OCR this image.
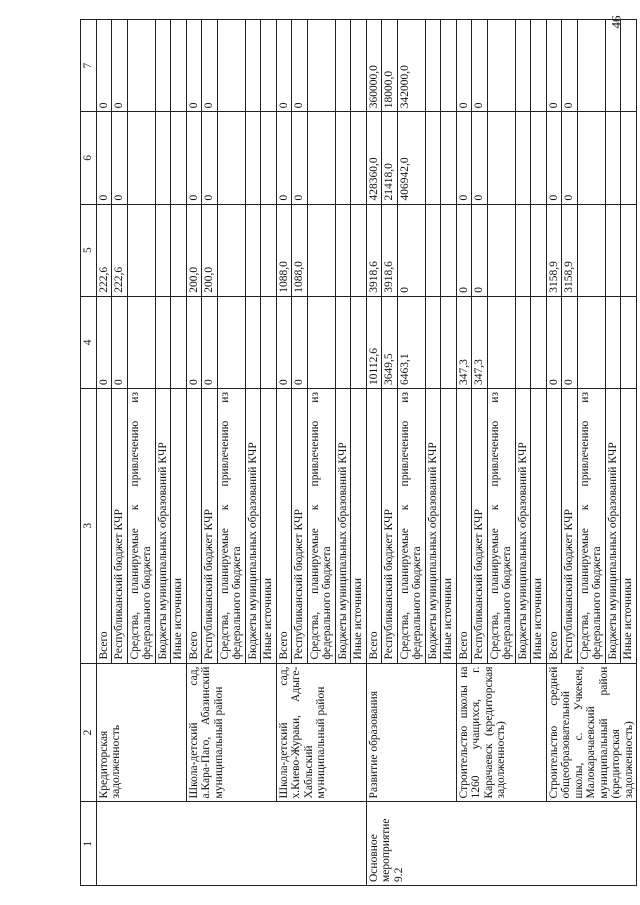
46
1	2	3	4	5	6	7
	Кредиторская задолженность	Всего	0	222,6	0	0
		Республиканский бюджет КЧР	0	222,6	0	0
		Средства, планируемые к привлечению из федерального бюджета				
		Бюджеты муниципальных образований КЧР				
		Иные источники				
	Школа-детский сад, а.Кара-Паго, Абазинский муниципальный район	Всего	0	200,0	0	0
		Республиканский бюджет КЧР	0	200,0	0	0
		Средства, планируемые к привлечению из федерального бюджета				
		Бюджеты муниципальных образований КЧР				
		Иные источники				
	Школа-детский сад, х.Киево-Жураки, Адыге-Хабльский муниципальный район	Всего	0	1088,0	0	0
		Республиканский бюджет КЧР	0	1088,0	0	0
		Средства, планируемые к привлечению из федерального бюджета				
		Бюджеты муниципальных образований КЧР				
		Иные источники				
Основное мероприятие 9.2	Развитие образования	Всего	10112,6	3918,6	428360,0	360000,0
		Республиканский бюджет КЧР	3649,5	3918,6	21418,0	18000,0
		Средства, планируемые к привлечению из федерального бюджета	6463,1	0	406942,0	342000,0
		Бюджеты муниципальных образований КЧР				
		Иные источники				
	Строительство школы на 1260 учащихся, г. Карачаевск (кредиторская задолженность)	Всего	347,3	0	0	0
		Республиканский бюджет КЧР	347,3	0	0	0
		Средства, планируемые к привлечению из федерального бюджета				
		Бюджеты муниципальных образований КЧР				
		Иные источники				
	Строительство средней общеобразовательной школы, с. Учкекен, Малокарачаевский муниципальный район (кредиторская задолженность)	Всего	0	3158,9	0	0
		Республиканский бюджет КЧР	0	3158,9	0	0
		Средства, планируемые к привлечению из федерального бюджета				
		Бюджеты муниципальных образований КЧР				
		Иные источники				
